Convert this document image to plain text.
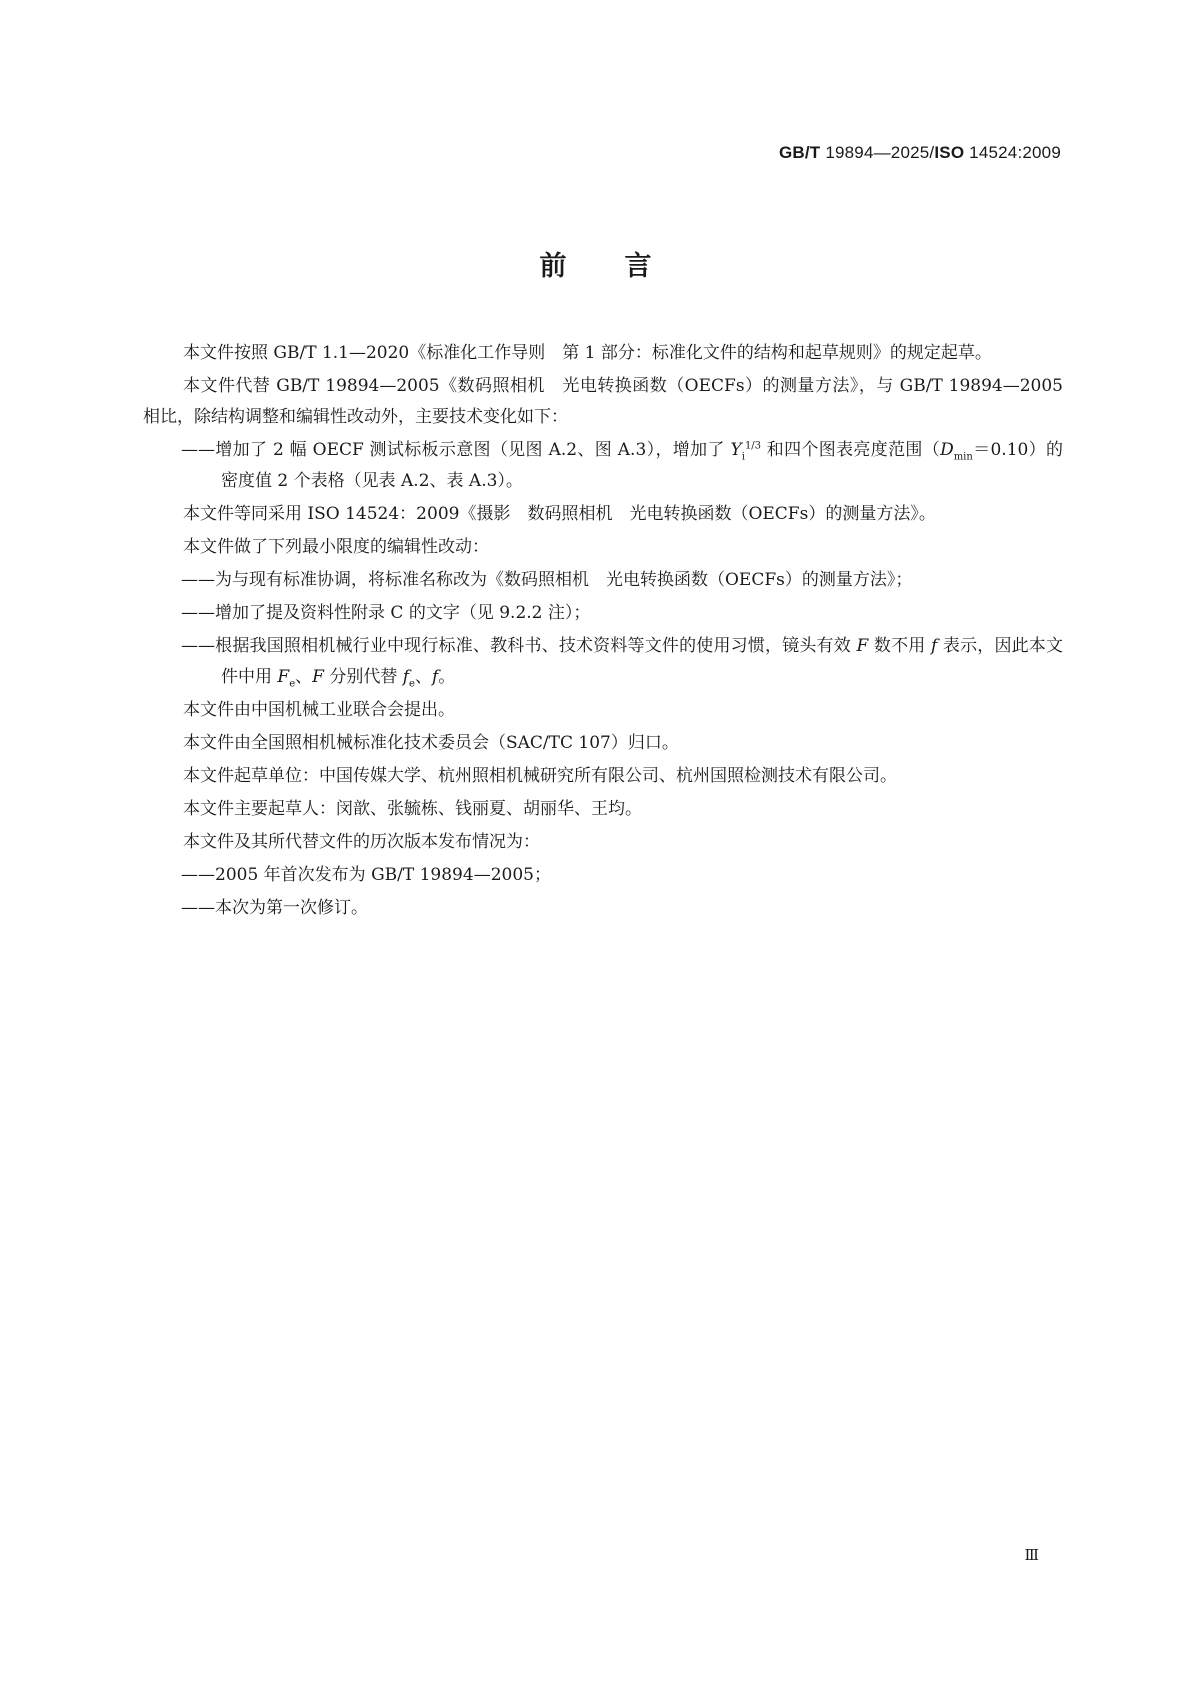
GB/T 19894—2025/ISO 14524:2009
前言

本文件按照 GB/T 1.1—2020《标准化工作导则　第 1 部分：标准化文件的结构和起草规则》的规定起草。

本文件代替 GB/T 19894—2005《数码照相机　光电转换函数（OECFs）的测量方法》，与 GB/T 19894—2005 相比，除结构调整和编辑性改动外，主要技术变化如下：

——增加了 2 幅 OECF 测试标板示意图（见图 A.2、图 A.3），增加了 $Y_i^{1/3}$ 和四个图表亮度范围$(D_{min}=0.10)$的密度值 2 个表格（见表 A.2、表 A.3）。

本文件等同采用 ISO 14524：2009《摄影　数码照相机　光电转换函数（OECFs）的测量方法》。

本文件做了下列最小限度的编辑性改动：

——为与现有标准协调，将标准名称改为《数码照相机　光电转换函数（OECFs）的测量方法》；

——增加了提及资料性附录 C 的文字（见 9.2.2 注）；

——根据我国照相机械行业中现行标准、教科书、技术资料等文件的使用习惯，镜头有效 F 数不用 f 表示，因此本文件中用 $F_e$、F 分别代替 $f_e$、f。

本文件由中国机械工业联合会提出。

本文件由全国照相机械标准化技术委员会（SAC/TC 107）归口。

本文件起草单位：中国传媒大学、杭州照相机械研究所有限公司、杭州国照检测技术有限公司。

本文件主要起草人：闵歆、张毓栋、钱丽夏、胡丽华、王均。

本文件及其所代替文件的历次版本发布情况为：

——2005 年首次发布为 GB/T 19894—2005；

——本次为第一次修订。

Ⅲ
